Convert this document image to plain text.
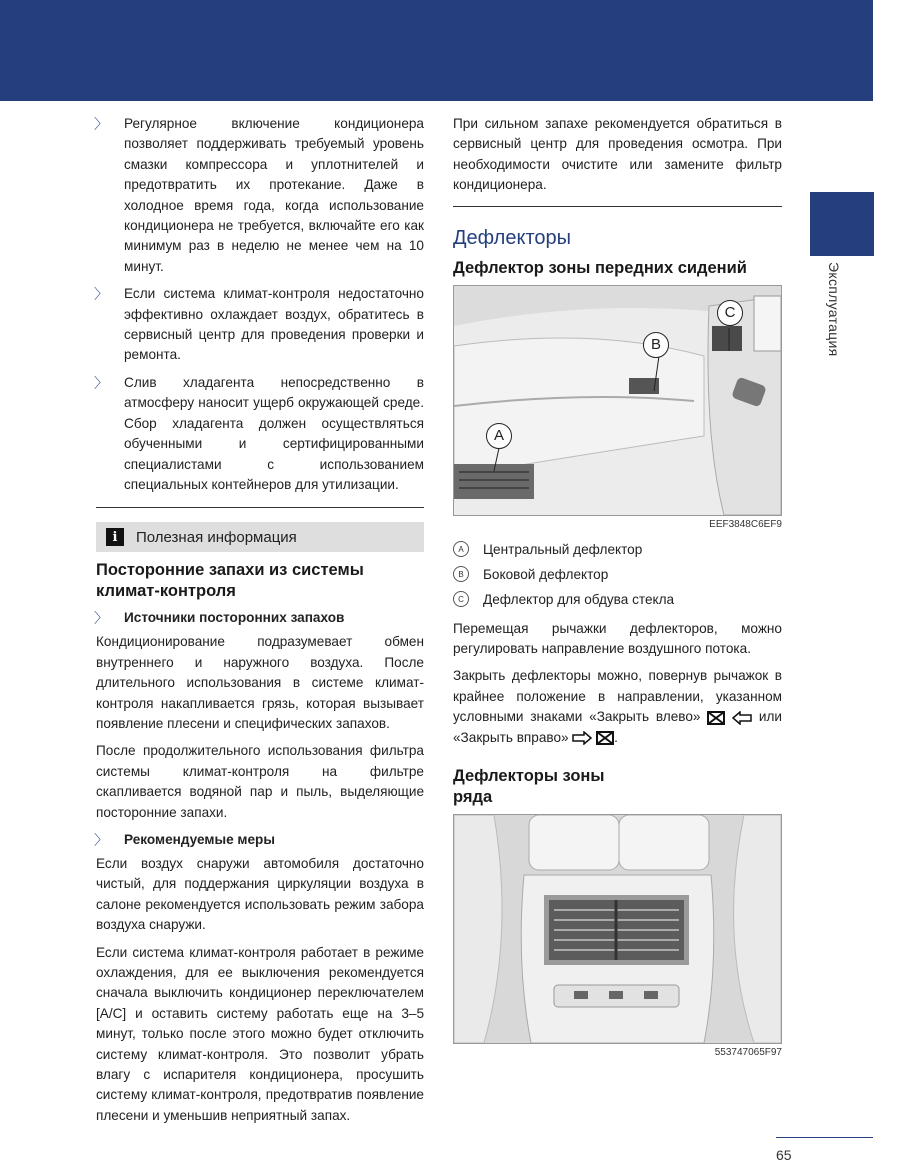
Эксплуатация
〉 Регулярное включение кондиционера позволяет поддерживать требуемый уровень смазки компрессора и уплотнителей и предотвратить их протекание. Даже в холодное время года, когда использование кондиционера не требуется, включайте его как минимум раз в неделю не менее чем на 10 минут.

〉 Если система климат-контроля недостаточно эффективно охлаждает воздух, обратитесь в сервисный центр для проведения проверки и ремонта.

〉 Слив хладагента непосредственно в атмосферу наносит ущерб окружающей среде. Сбор хладагента должен осуществляться обученными и сертифицированными специалистами с использованием специальных контейнеров для утилизации.

i	Полезная информация
Посторонние запахи из системы климат-контроля
〉 Источники посторонних запахов

Кондиционирование подразумевает обмен внутреннего и наружного воздуха. После длительного использования в системе климат-контроля накапливается грязь, которая вызывает появление плесени и специфических запахов.

После продолжительного использования фильтра системы климат-контроля на фильтре скапливается водяной пар и пыль, выделяющие посторонние запахи.

〉 Рекомендуемые меры

Если воздух снаружи автомобиля достаточно чистый, для поддержания циркуляции воздуха в салоне рекомендуется использовать режим забора воздуха снаружи.

Если система климат-контроля работает в режиме охлаждения, для ее выключения рекомендуется сначала выключить кондиционер переключателем [A/C] и оставить систему работать еще на 3–5 минут, только после этого можно будет отключить систему климат-контроля. Это позволит убрать влагу с испарителя кондиционера, просушить систему климат-контроля, предотвратив появление плесени и уменьшив неприятный запах.

При сильном запахе рекомендуется обратиться в сервисный центр для проведения осмотра. При необходимости очистите или замените фильтр кондиционера.

Дефлекторы
Дефлектор зоны передних сидений
A
B
C
EEF3848C6EF9
A	Центральный дефлектор
B	Боковой дефлектор
C	Дефлектор для обдува стекла

Перемещая рычажки дефлекторов, можно регулировать направление воздушного потока.

Закрыть дефлекторы можно, повернув рычажок в крайнее положение в направлении, указанном условными знаками «Закрыть влево»	или «Закрыть вправо»	.

Дефлекторы зоны ряда
553747065F97
65
